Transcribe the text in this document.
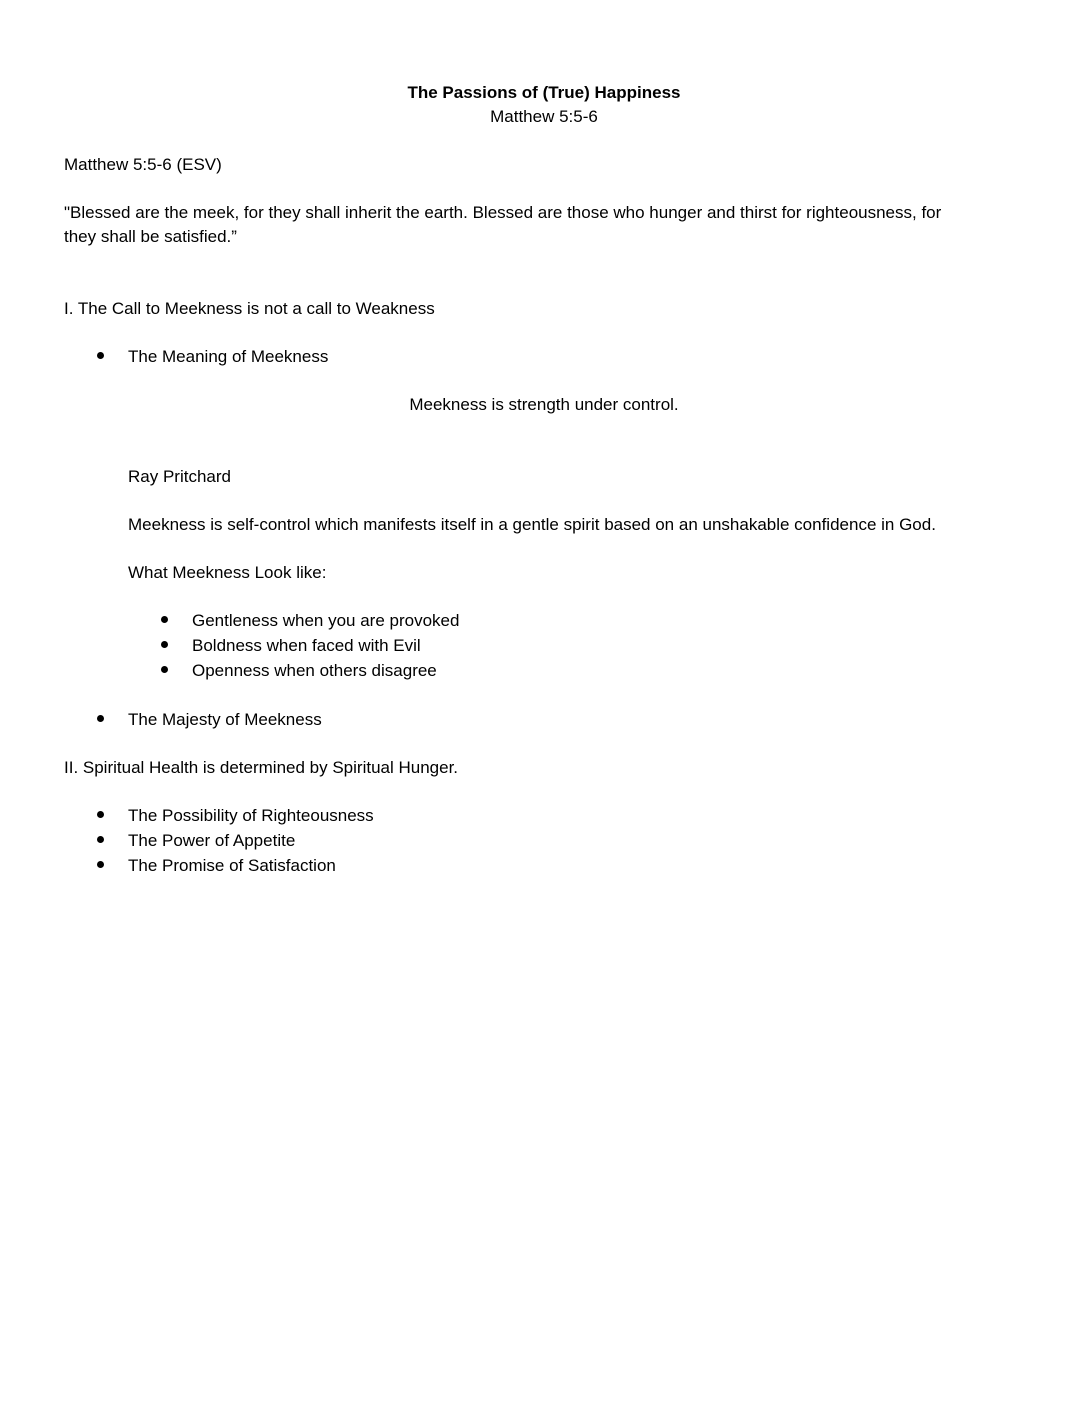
The Passions of (True) Happiness
Matthew 5:5-6
Matthew 5:5-6 (ESV)
"Blessed are the meek, for they shall inherit the earth. Blessed are those who hunger and thirst for righteousness, for
they shall be satisfied.”
I. The Call to Meekness is not a call to Weakness
The Meaning of Meekness
Meekness is strength under control.
Ray Pritchard
Meekness is self-control which manifests itself in a gentle spirit based on an unshakable confidence in God.
What Meekness Look like:
Gentleness when you are provoked
Boldness when faced with Evil
Openness when others disagree
The Majesty of Meekness
II. Spiritual Health is determined by Spiritual Hunger.
The Possibility of Righteousness
The Power of Appetite
The Promise of Satisfaction
